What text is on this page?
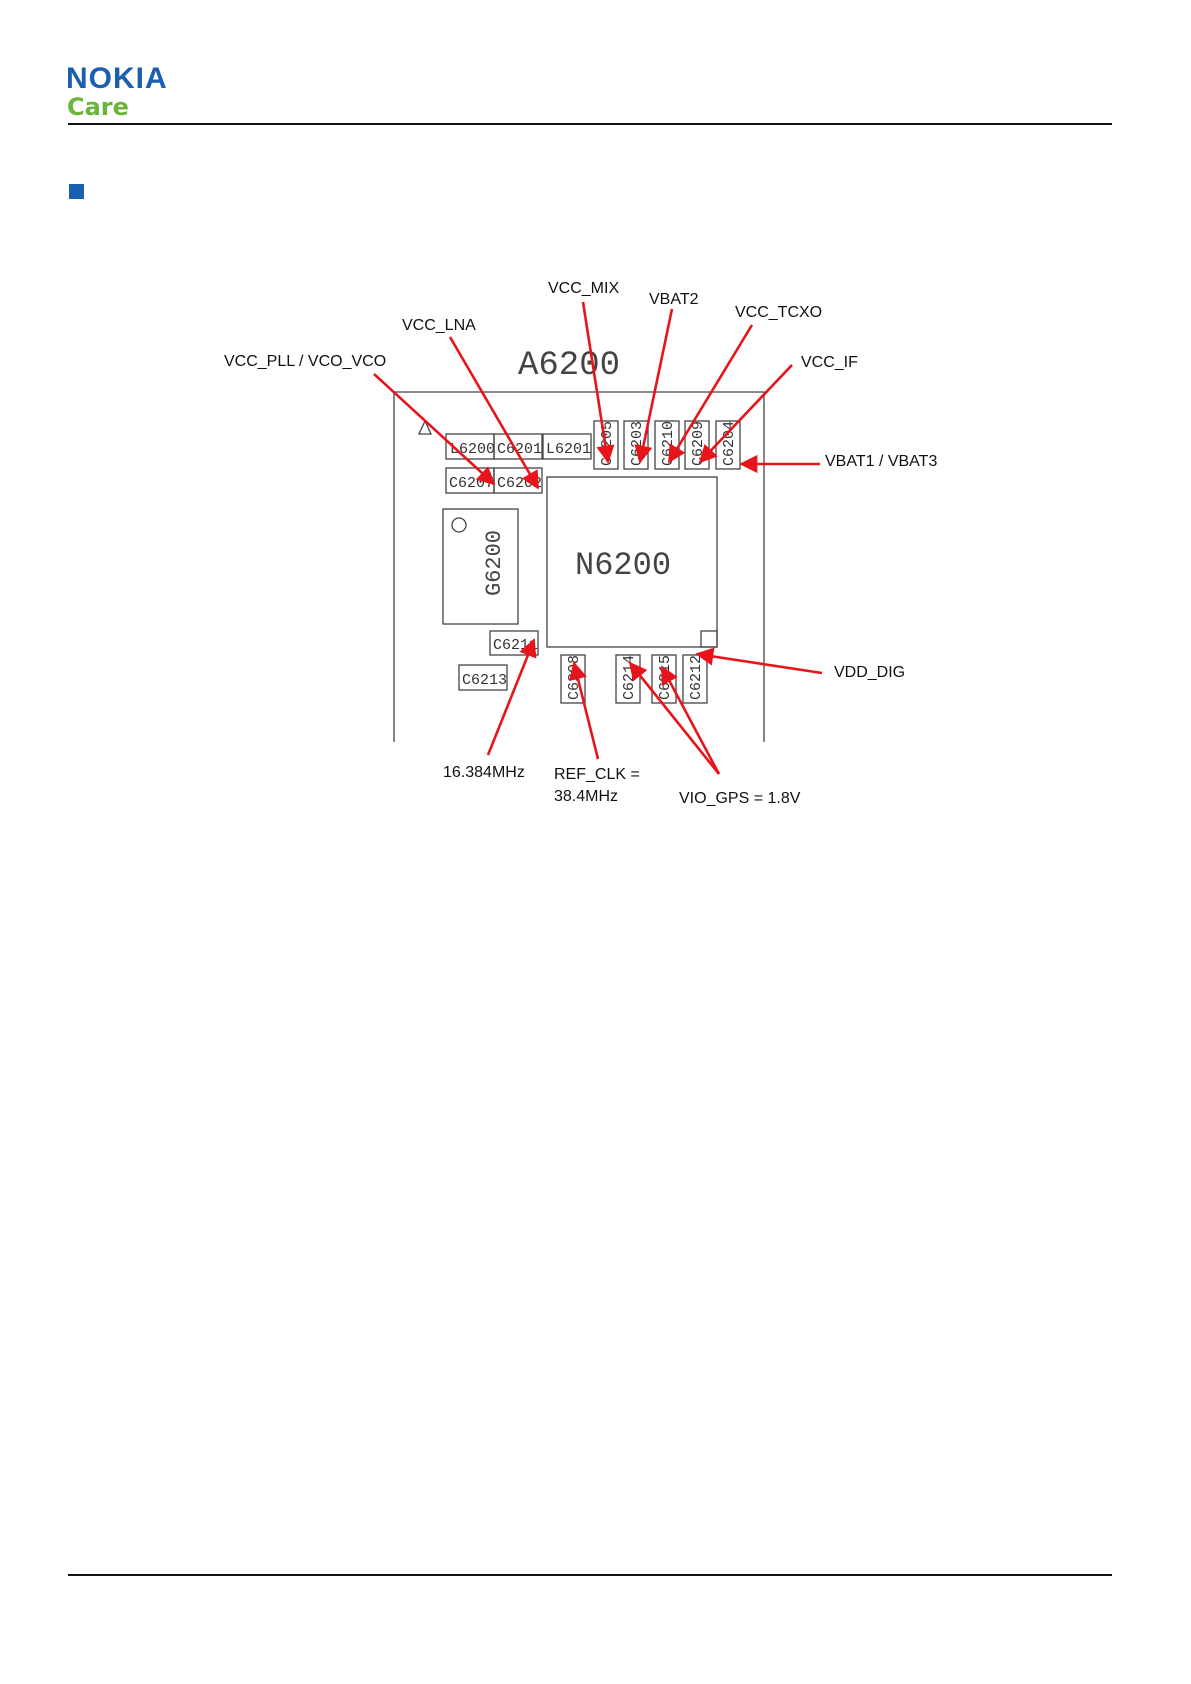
NOKIA
Care
A6200
L6200 C6201 L6201
C6207 C6202
C6205 C6203 C6210 C6209 C6204
G6200 N6200
C6211
C6213	C6208	C6214 C6215 C6212
VCC_MIX
VBAT2
VCC_TCXO
VCC_LNA
VCC_PLL / VCO_VCO	VCC_IF
VBAT1 / VBAT3
VDD_DIG
16.384MHz REF_CLK =
38.4MHz	VIO_GPS = 1.8V
